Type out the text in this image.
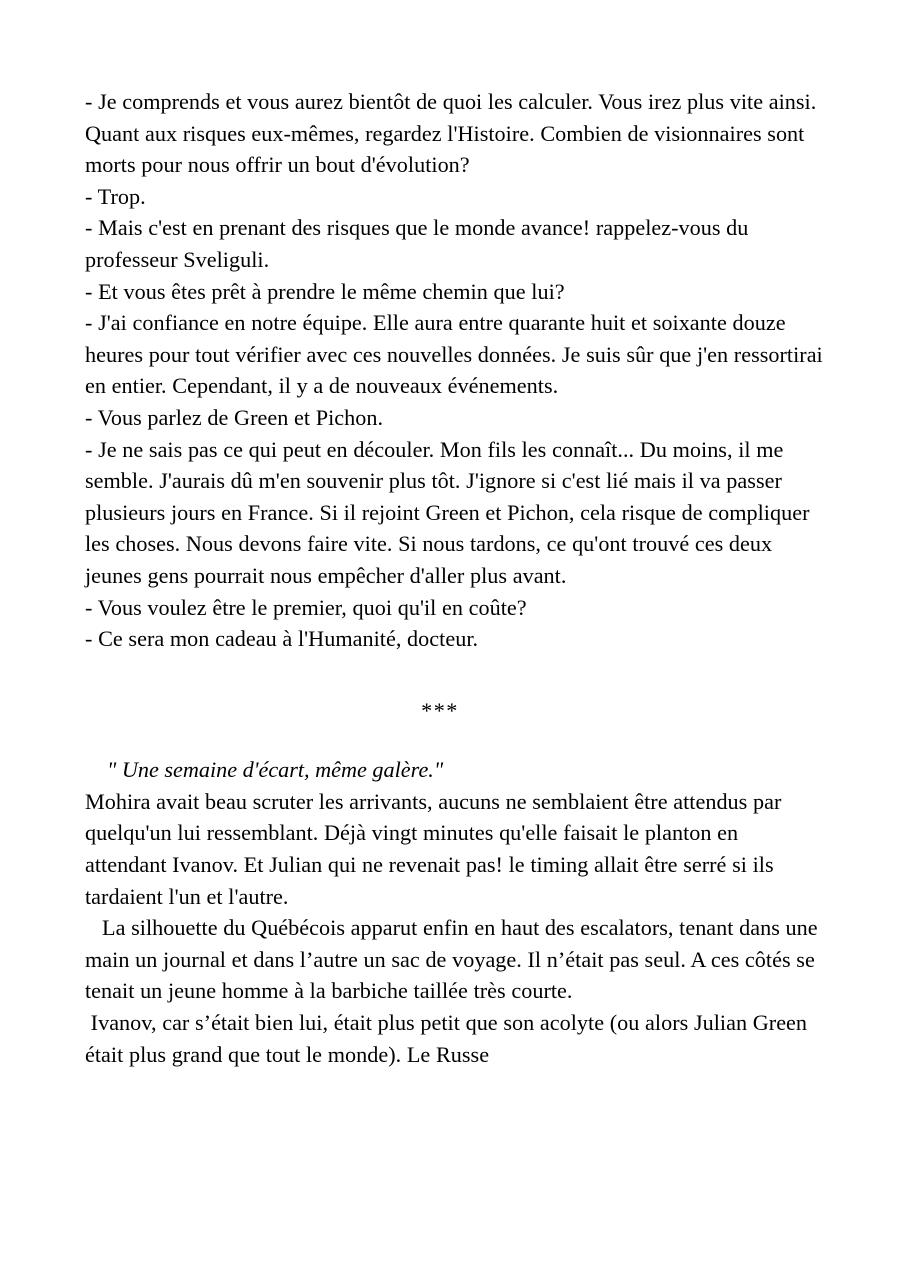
- Je comprends et vous aurez bientôt de quoi les calculer. Vous irez plus vite ainsi. Quant aux risques eux-mêmes, regardez l'Histoire. Combien de visionnaires sont morts pour nous offrir un bout d'évolution?

- Trop.

- Mais c'est en prenant des risques que le monde avance! rappelez-vous du professeur Sveliguli.

- Et vous êtes prêt à prendre le même chemin que lui?

- J'ai confiance en notre équipe. Elle aura entre quarante huit et soixante douze heures pour tout vérifier avec ces nouvelles données. Je suis sûr que j'en ressortirai en entier. Cependant, il y a de nouveaux événements.

- Vous parlez de Green et Pichon.

- Je ne sais pas ce qui peut en découler. Mon fils les connaît... Du moins, il me semble. J'aurais dû m'en souvenir plus tôt. J'ignore si c'est lié mais il va passer plusieurs jours en France. Si il rejoint Green et Pichon, cela risque de compliquer les choses. Nous devons faire vite. Si nous tardons, ce qu'ont trouvé ces deux jeunes gens pourrait nous empêcher d'aller plus avant.

- Vous voulez être le premier, quoi qu'il en coûte?

- Ce sera mon cadeau à l'Humanité, docteur.

***

" Une semaine d'écart, même galère."

Mohira avait beau scruter les arrivants, aucuns ne semblaient être attendus par quelqu'un lui ressemblant. Déjà vingt minutes qu'elle faisait le planton en attendant Ivanov. Et Julian qui ne revenait pas! le timing allait être serré si ils tardaient l'un et l'autre.

La silhouette du Québécois apparut enfin en haut des escalators, tenant dans une main un journal et dans l’autre un sac de voyage. Il n’était pas seul. A ces côtés se tenait un jeune homme à la barbiche taillée très courte.

Ivanov, car s’était bien lui, était plus petit que son acolyte (ou alors Julian Green était plus grand que tout le monde). Le Russe
